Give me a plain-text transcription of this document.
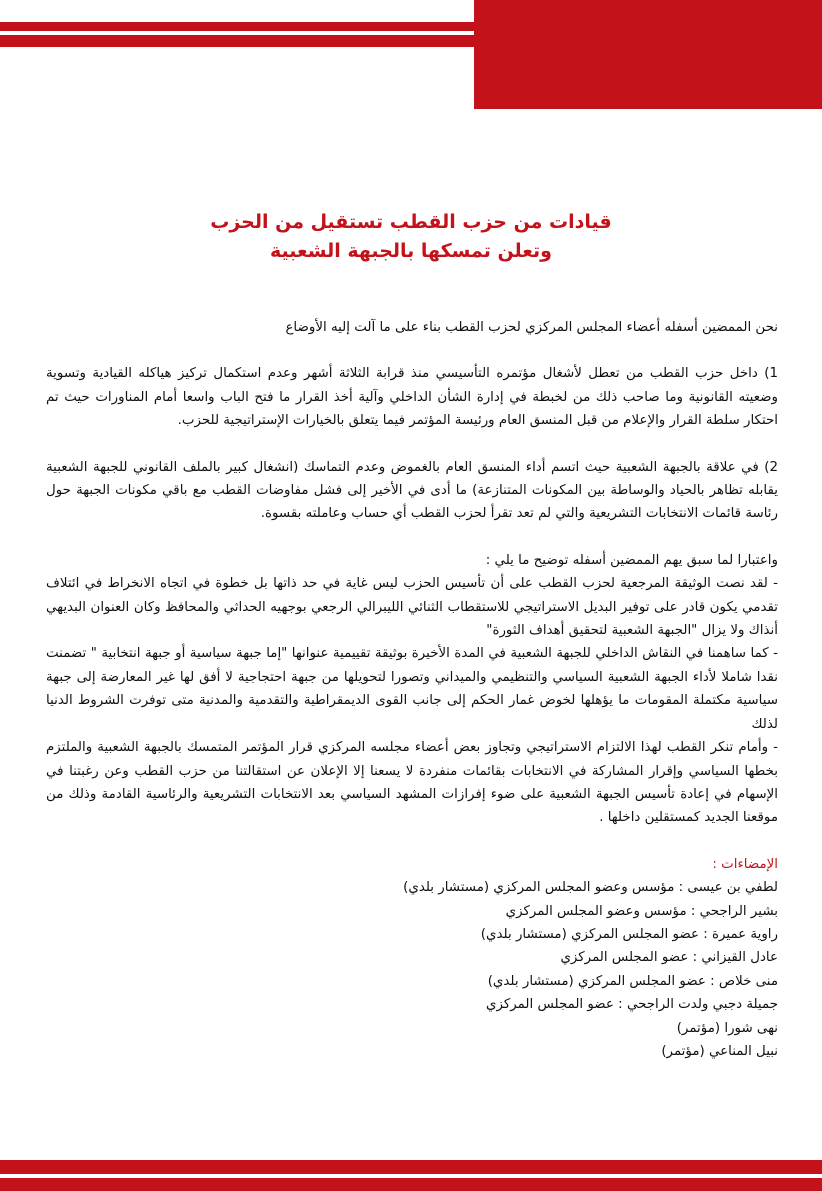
قيادات من حزب القطب تستقيل من الحزب
وتعلن تمسكها بالجبهة الشعبية

نحن الممضين أسفله أعضاء المجلس المركزي لحزب القطب بناء على ما آلت إليه الأوضاع

1) داخل حزب القطب من تعطل لأشغال مؤتمره التأسيسي منذ قرابة الثلاثة أشهر وعدم استكمال تركيز هياكله القيادية وتسوية وضعيته القانونية وما صاحب ذلك من لخبطة في إدارة الشأن الداخلي وآلية أخذ القرار ما فتح الباب واسعا أمام المناورات حيث تم احتكار سلطة القرار والإعلام من قبل المنسق العام ورئيسة المؤتمر فيما يتعلق بالخيارات الإستراتيجية للحزب.

2) في علاقة بالجبهة الشعبية حيث اتسم أداء المنسق العام بالغموض وعدم التماسك (انشغال كبير بالملف القانوني للجبهة الشعبية يقابله تظاهر بالحياد والوساطة بين المكونات المتنازعة) ما أدى في الأخير إلى فشل مفاوضات القطب مع باقي مكونات الجبهة حول رئاسة قائمات الانتخابات التشريعية والتي لم تعد تقرأ لحزب القطب أي حساب وعاملته بقسوة.

واعتبارا لما سبق يهم الممضين أسفله توضيح ما يلي :

- لقد نصت الوثيقة المرجعية لحزب القطب على أن تأسيس الحزب ليس غاية في حد ذاتها بل خطوة في اتجاه الانخراط في ائتلاف تقدمي يكون قادر على توفير البديل الاستراتيجي للاستقطاب الثنائي الليبرالي الرجعي بوجهيه الحداثي والمحافظ وكان العنوان البديهي أنذاك ولا يزال "الجبهة الشعبية لتحقيق أهداف الثورة"

- كما ساهمنا في النقاش الداخلي للجبهة الشعبية في المدة الأخيرة بوثيقة تقييمية عنوانها "إما جبهة سياسية أو جبهة انتخابية " تضمنت نقدا شاملا لأداء الجبهة الشعبية السياسي والتنظيمي والميداني وتصورا لتحويلها من جبهة احتجاجية لا أفق لها غير المعارضة إلى جبهة سياسية مكتملة المقومات ما يؤهلها لخوض غمار الحكم إلى جانب القوى الديمقراطية والتقدمية والمدنية متى توفرت الشروط الدنيا لذلك

- وأمام تنكر القطب لهذا الالتزام الاستراتيجي وتجاوز بعض أعضاء مجلسه المركزي قرار المؤتمر المتمسك بالجبهة الشعبية والملتزم بخطها السياسي وإقرار المشاركة في الانتخابات بقائمات منفردة لا يسعنا إلا الإعلان عن استقالتنا من حزب القطب وعن رغبتنا في الإسهام في إعادة تأسيس الجبهة الشعبية على ضوء إفرازات المشهد السياسي بعد الانتخابات التشريعية والرئاسية القادمة وذلك من موقعنا الجديد كمستقلين داخلها .

الإمضاءات :

لطفي بن عيسى : مؤسس وعضو المجلس المركزي (مستشار بلدي)

بشير الراجحي : مؤسس وعضو المجلس المركزي

راوية عميرة : عضو المجلس المركزي (مستشار بلدي)

عادل القيزاني : عضو المجلس المركزي

منى خلاص : عضو المجلس المركزي (مستشار بلدي)

جميلة دجبي ولدت الراجحي : عضو المجلس المركزي

نهى شورا (مؤتمر)

نبيل المناعي (مؤتمر)
